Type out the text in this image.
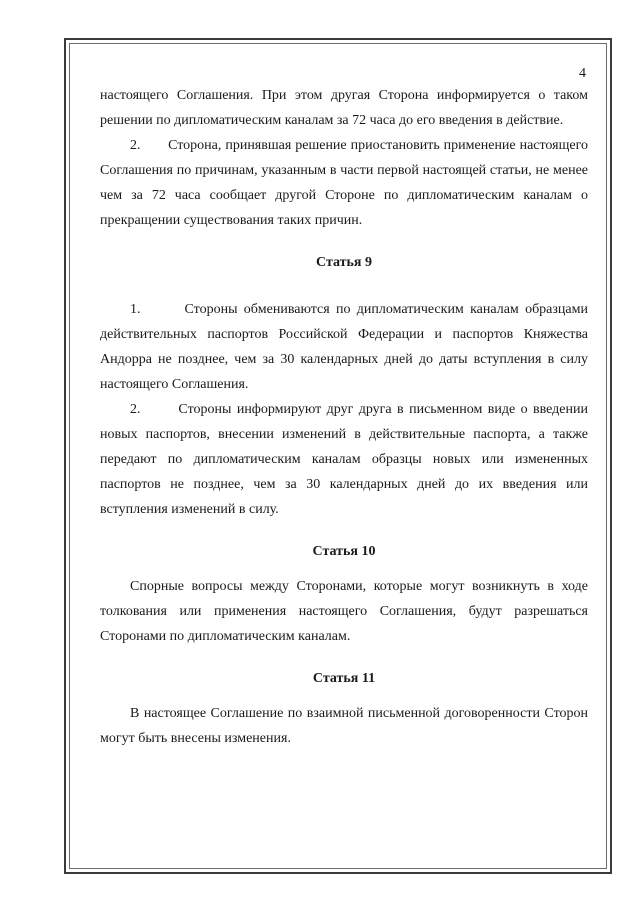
4

настоящего Соглашения. При этом другая Сторона информируется о таком решении по дипломатическим каналам за 72 часа до его введения в действие.

2.       Сторона, принявшая решение приостановить применение настоящего Соглашения по причинам, указанным в части первой настоящей статьи, не менее чем за 72 часа сообщает другой Стороне по дипломатическим каналам о прекращении существования таких причин.

Статья 9

1.       Стороны обмениваются по дипломатическим каналам образцами действительных паспортов Российской Федерации и паспортов Княжества Андорра не позднее, чем за 30 календарных дней до даты вступления в силу настоящего Соглашения.

2.       Стороны информируют друг друга в письменном виде о введении новых паспортов, внесении изменений в действительные паспорта, а также передают по дипломатическим каналам образцы новых или измененных паспортов не позднее, чем за 30 календарных дней до их введения или вступления изменений в силу.

Статья 10

Спорные вопросы между Сторонами, которые могут возникнуть в ходе толкования или применения настоящего Соглашения, будут разрешаться Сторонами по дипломатическим каналам.

Статья 11

В настоящее Соглашение по взаимной письменной договоренности Сторон могут быть внесены изменения.
